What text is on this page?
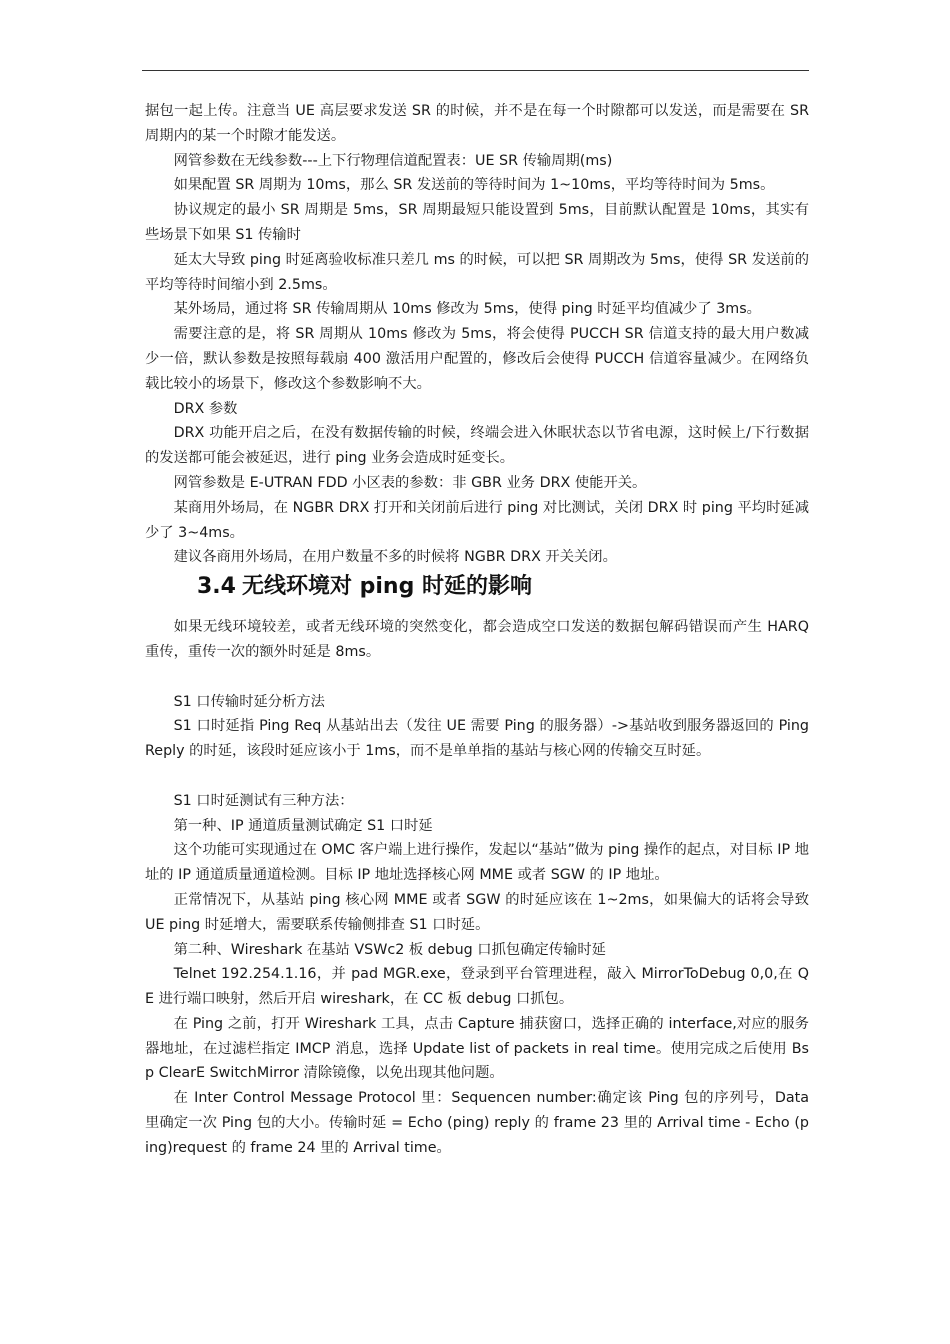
据包一起上传。注意当 UE 高层要求发送 SR 的时候，并不是在每一个时隙都可以发送，而是需要在 SR 周期内的某一个时隙才能发送。

网管参数在无线参数---上下行物理信道配置表：UE SR 传输周期(ms)

如果配置 SR 周期为 10ms，那么 SR 发送前的等待时间为 1~10ms，平均等待时间为 5ms。

协议规定的最小 SR 周期是 5ms，SR 周期最短只能设置到 5ms，目前默认配置是 10ms，其实有些场景下如果 S1 传输时

延太大导致 ping 时延离验收标准只差几 ms 的时候，可以把 SR 周期改为 5ms，使得 SR 发送前的平均等待时间缩小到 2.5ms。

某外场局，通过将 SR 传输周期从 10ms 修改为 5ms，使得 ping 时延平均值减少了 3ms。

需要注意的是，将 SR 周期从 10ms 修改为 5ms，将会使得 PUCCH SR 信道支持的最大用户数减少一倍，默认参数是按照每载扇 400 激活用户配置的，修改后会使得 PUCCH 信道容量减少。在网络负载比较小的场景下，修改这个参数影响不大。

DRX 参数

DRX 功能开启之后，在没有数据传输的时候，终端会进入休眠状态以节省电源，这时候上/下行数据的发送都可能会被延迟，进行 ping 业务会造成时延变长。

网管参数是 E-UTRAN FDD 小区表的参数：非 GBR 业务 DRX 使能开关。

某商用外场局，在 NGBR DRX 打开和关闭前后进行 ping 对比测试，关闭 DRX 时 ping 平均时延减少了 3~4ms。

建议各商用外场局，在用户数量不多的时候将 NGBR DRX 开关关闭。

3.4 无线环境对 ping 时延的影响

如果无线环境较差，或者无线环境的突然变化，都会造成空口发送的数据包解码错误而产生 HARQ 重传，重传一次的额外时延是 8ms。

S1 口传输时延分析方法

S1 口时延指 Ping Req 从基站出去（发往 UE 需要 Ping 的服务器）->基站收到服务器返回的 Ping Reply 的时延，该段时延应该小于 1ms，而不是单单指的基站与核心网的传输交互时延。

S1 口时延测试有三种方法：

第一种、IP 通道质量测试确定 S1 口时延

这个功能可实现通过在 OMC 客户端上进行操作，发起以“基站”做为 ping 操作的起点，对目标 IP 地址的 IP 通道质量通道检测。目标 IP 地址选择核心网 MME 或者 SGW 的 IP 地址。

正常情况下，从基站 ping 核心网 MME 或者 SGW 的时延应该在 1~2ms，如果偏大的话将会导致 UE ping 时延增大，需要联系传输侧排查 S1 口时延。

第二种、Wireshark 在基站 VSWc2 板 debug 口抓包确定传输时延

Telnet 192.254.1.16，并 pad MGR.exe，登录到平台管理进程，敲入 MirrorToDebug 0,0,在 QE 进行端口映射，然后开启 wireshark，在 CC 板 debug 口抓包。

在 Ping 之前，打开 Wireshark 工具，点击 Capture 捕获窗口，选择正确的 interface,对应的服务器地址，在过滤栏指定 IMCP 消息，选择 Update list of packets in real time。使用完成之后使用 Bsp ClearE SwitchMirror 清除镜像，以免出现其他问题。

在 Inter Control Message Protocol 里：Sequencen number:确定该 Ping 包的序列号，Data 里确定一次 Ping 包的大小。传输时延 = Echo (ping) reply 的 frame 23 里的 Arrival time - Echo (ping)request 的 frame 24 里的 Arrival time。
